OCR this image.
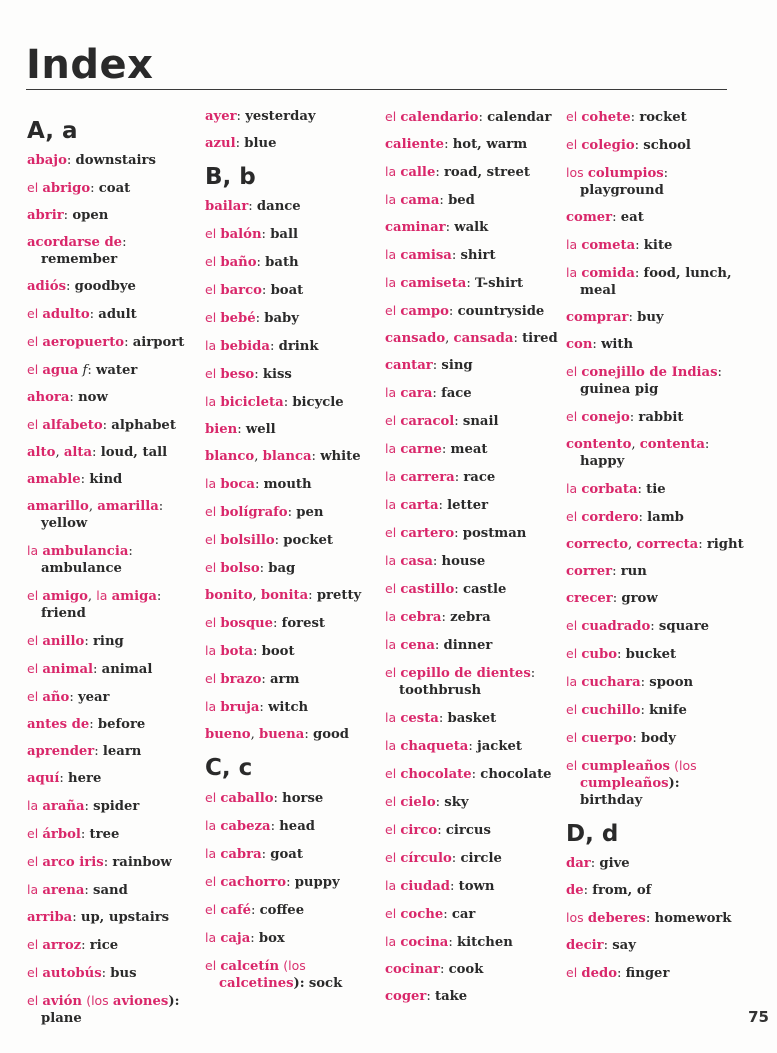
Index
A, a
abajo: downstairs
el abrigo: coat
abrir: open
acordarse de: remember
adiós: goodbye
el adulto: adult
el aeropuerto: airport
el agua f: water
ahora: now
el alfabeto: alphabet
alto, alta: loud, tall
amable: kind
amarillo, amarilla: yellow
la ambulancia: ambulance
el amigo, la amiga: friend
el anillo: ring
el animal: animal
el año: year
antes de: before
aprender: learn
aquí: here
la araña: spider
el árbol: tree
el arco iris: rainbow
la arena: sand
arriba: up, upstairs
el arroz: rice
el autobús: bus
el avión (los aviones): plane
ayer: yesterday
azul: blue
B, b
bailar: dance
el balón: ball
el baño: bath
el barco: boat
el bebé: baby
la bebida: drink
el beso: kiss
la bicicleta: bicycle
bien: well
blanco, blanca: white
la boca: mouth
el bolígrafo: pen
el bolsillo: pocket
el bolso: bag
bonito, bonita: pretty
el bosque: forest
la bota: boot
el brazo: arm
la bruja: witch
bueno, buena: good
C, c
el caballo: horse
la cabeza: head
la cabra: goat
el cachorro: puppy
el café: coffee
la caja: box
el calcetín (los calcetines): sock
el calendario: calendar
caliente: hot, warm
la calle: road, street
la cama: bed
caminar: walk
la camisa: shirt
la camiseta: T-shirt
el campo: countryside
cansado, cansada: tired
cantar: sing
la cara: face
el caracol: snail
la carne: meat
la carrera: race
la carta: letter
el cartero: postman
la casa: house
el castillo: castle
la cebra: zebra
la cena: dinner
el cepillo de dientes: toothbrush
la cesta: basket
la chaqueta: jacket
el chocolate: chocolate
el cielo: sky
el circo: circus
el círculo: circle
la ciudad: town
el coche: car
la cocina: kitchen
cocinar: cook
coger: take
el cohete: rocket
el colegio: school
los columpios: playground
comer: eat
la cometa: kite
la comida: food, lunch, meal
comprar: buy
con: with
el conejillo de Indias: guinea pig
el conejo: rabbit
contento, contenta: happy
la corbata: tie
el cordero: lamb
correcto, correcta: right
correr: run
crecer: grow
el cuadrado: square
el cubo: bucket
la cuchara: spoon
el cuchillo: knife
el cuerpo: body
el cumpleaños (los cumpleaños): birthday
D, d
dar: give
de: from, of
los deberes: homework
decir: say
el dedo: finger
75
